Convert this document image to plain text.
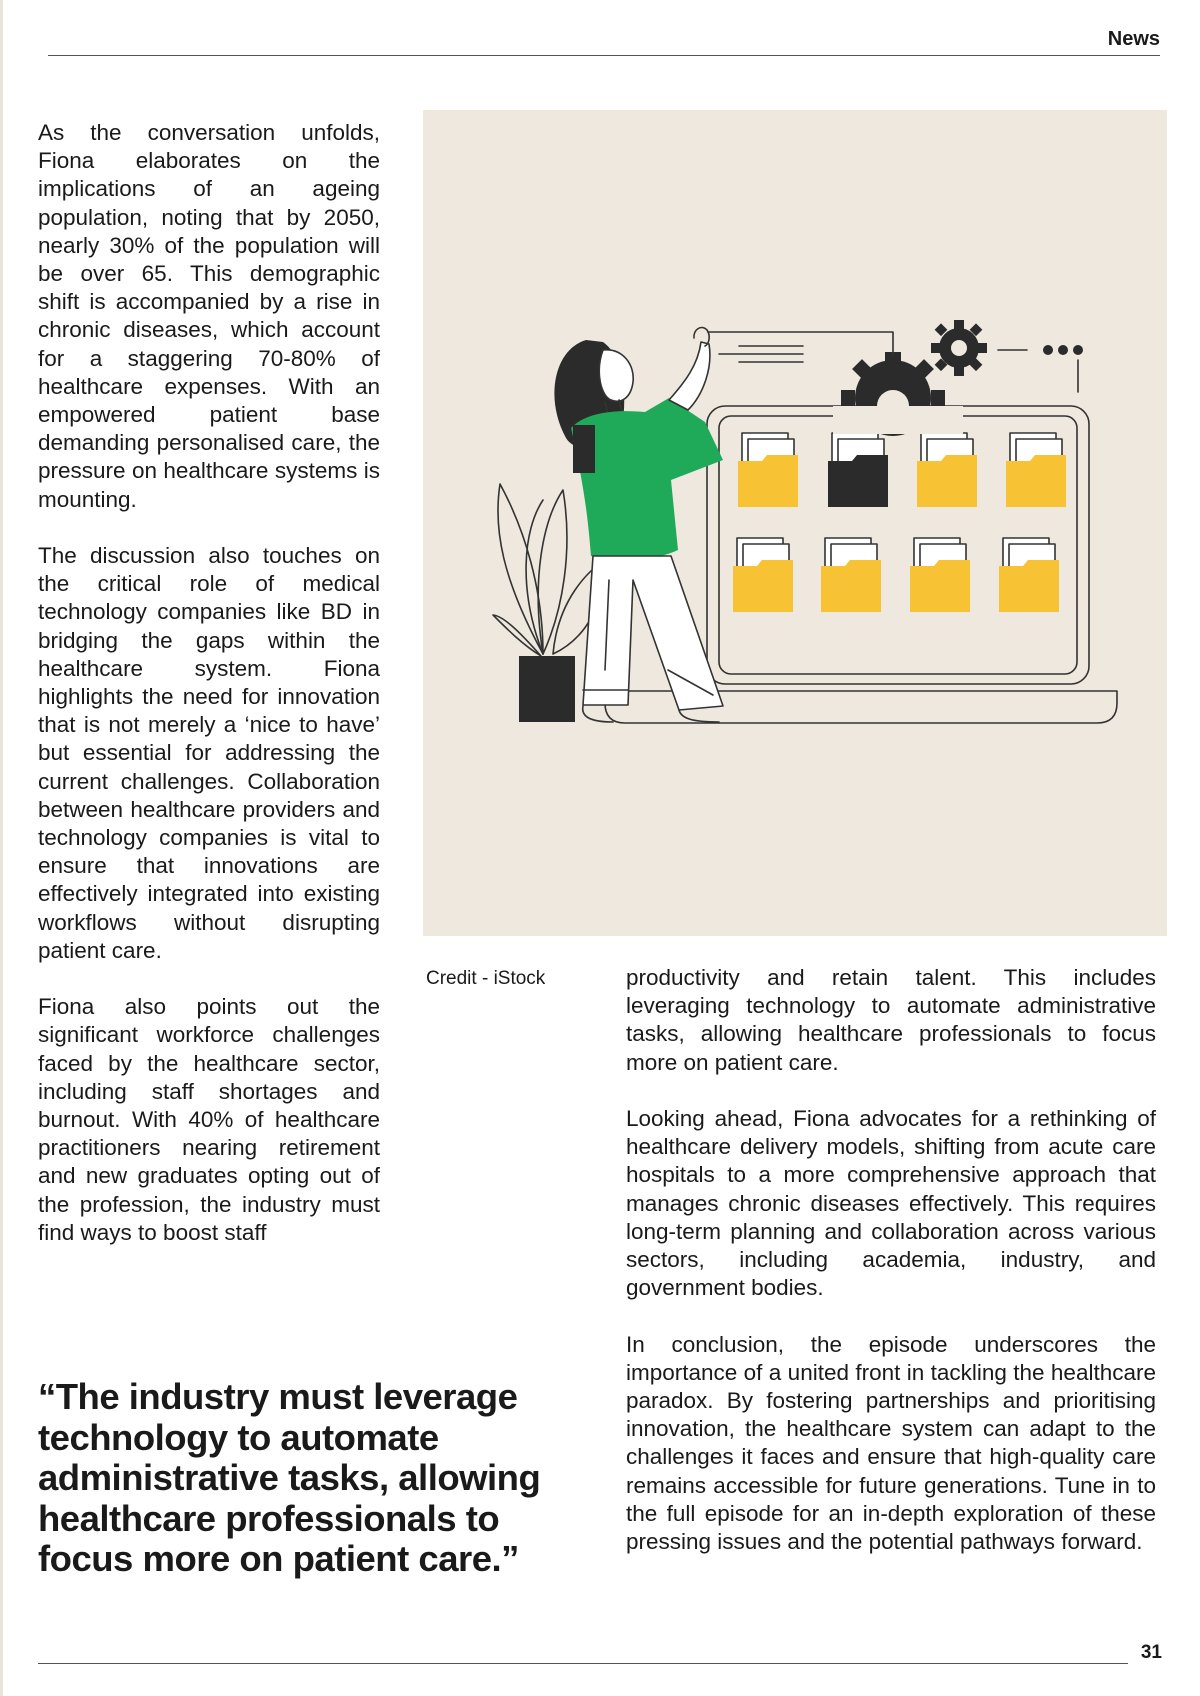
News

As the conversation unfolds, Fiona elaborates on the implications of an ageing population, noting that by 2050, nearly 30% of the population will be over 65. This demographic shift is accompanied by a rise in chronic diseases, which account for a staggering 70-80% of healthcare expenses. With an empowered patient base demanding personalised care, the pressure on healthcare systems is mounting.

The discussion also touches on the critical role of medical technology companies like BD in bridging the gaps within the healthcare system. Fiona highlights the need for innovation that is not merely a ‘nice to have’ but essential for addressing the current challenges. Collaboration between healthcare providers and technology companies is vital to ensure that innovations are effectively integrated into existing workflows without disrupting patient care.

Fiona also points out the significant workforce challenges faced by the healthcare sector, including staff shortages and burnout. With 40% of healthcare practitioners nearing retirement and new graduates opting out of the profession, the industry must find ways to boost staff

Credit - iStock	productivity and retain talent. This includes leveraging technology to automate administrative tasks, allowing healthcare professionals to focus more on patient care.

Looking ahead, Fiona advocates for a rethinking of healthcare delivery models, shifting from acute care hospitals to a more comprehensive approach that manages chronic diseases effectively. This requires long-term planning and collaboration across various sectors, including academia, industry, and government bodies.

In conclusion, the episode underscores the importance of a united front in tackling the healthcare paradox. By fostering partnerships and prioritising innovation, the healthcare system can adapt to the challenges it faces and ensure that high-quality care remains accessible for future generations. Tune in to the full episode for an in-depth exploration of these pressing issues and the potential pathways forward.

“The industry must leverage technology to automate administrative tasks, allowing healthcare professionals to focus more on patient care.”
31
